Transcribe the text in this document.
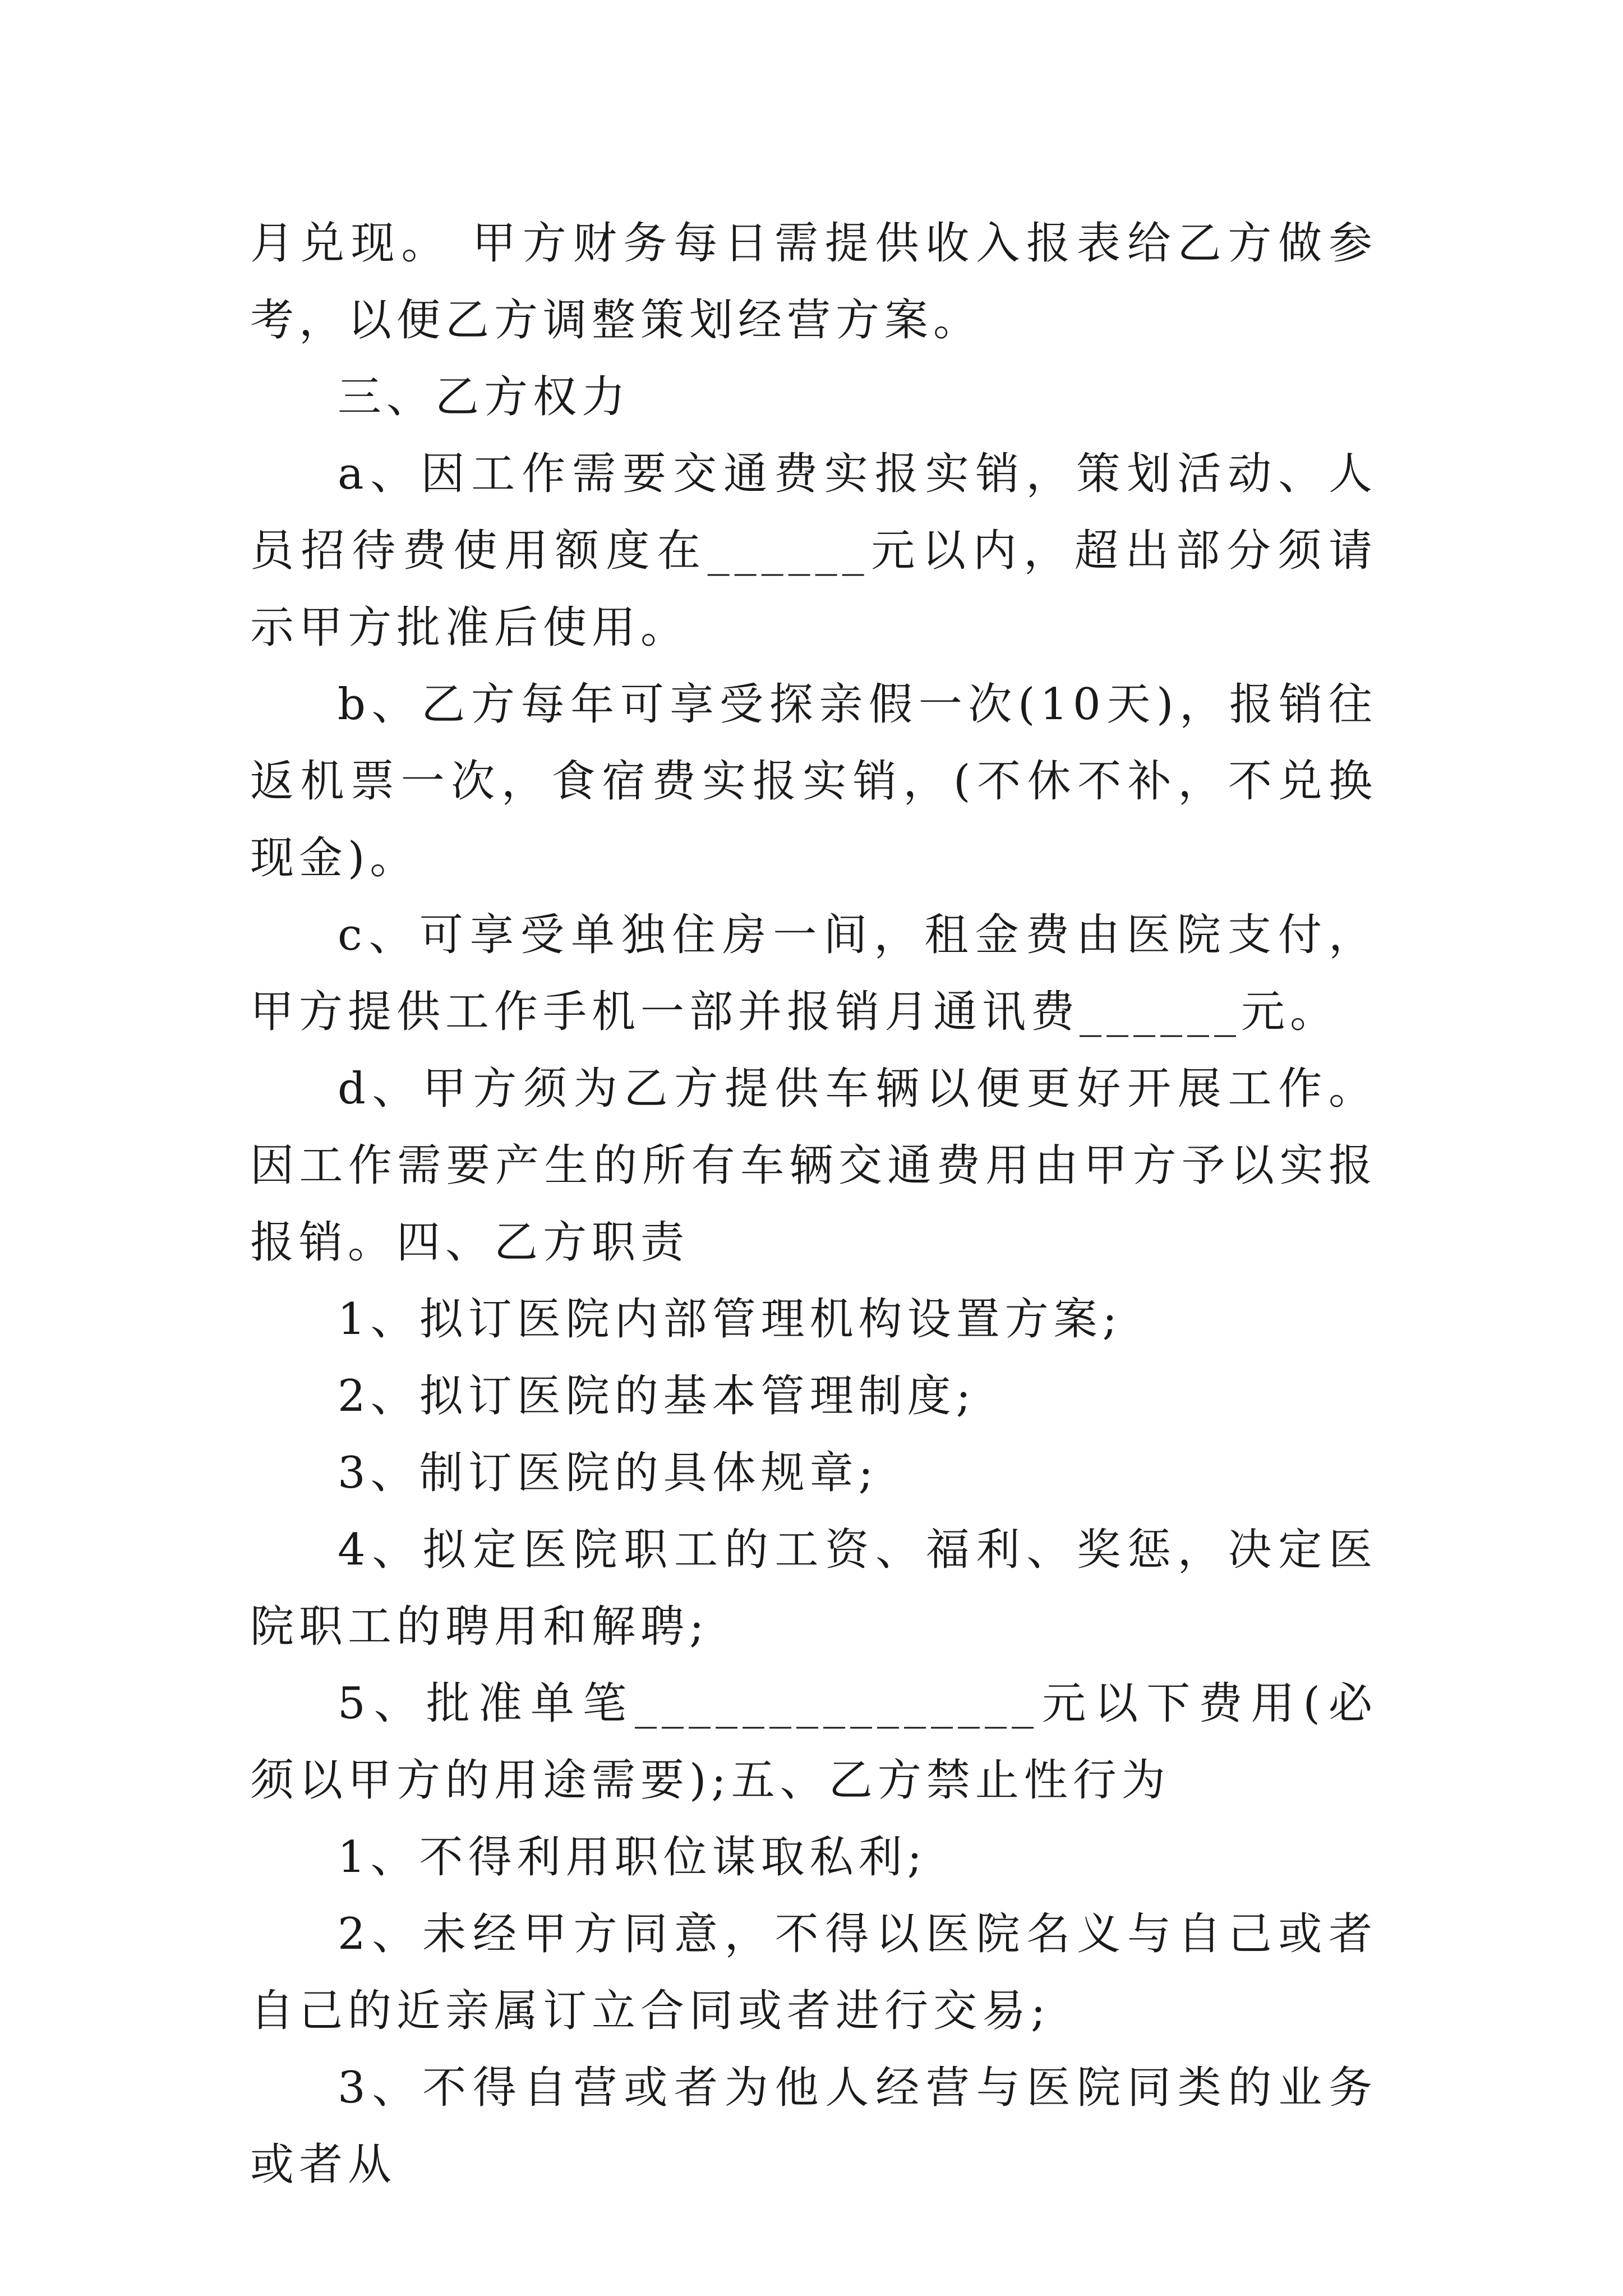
月兑现。 甲方财务每日需提供收入报表给乙方做参考，以便乙方调整策划经营方案。

三、乙方权力

a、因工作需要交通费实报实销，策划活动、人员招待费使用额度在______元以内，超出部分须请示甲方批准后使用。

b、乙方每年可享受探亲假一次(10天)，报销往返机票一次，食宿费实报实销，(不休不补，不兑换现金)。

c、可享受单独住房一间，租金费由医院支付，甲方提供工作手机一部并报销月通讯费______元。

d、甲方须为乙方提供车辆以便更好开展工作。因工作需要产生的所有车辆交通费用由甲方予以实报报销。四、乙方职责

1、拟订医院内部管理机构设置方案;

2、拟订医院的基本管理制度;

3、制订医院的具体规章;

4、拟定医院职工的工资、福利、奖惩，决定医院职工的聘用和解聘;

5、批准单笔_______________元以下费用(必须以甲方的用途需要);五、乙方禁止性行为

1、不得利用职位谋取私利;

2、未经甲方同意，不得以医院名义与自己或者自己的近亲属订立合同或者进行交易;

3、不得自营或者为他人经营与医院同类的业务或者从
